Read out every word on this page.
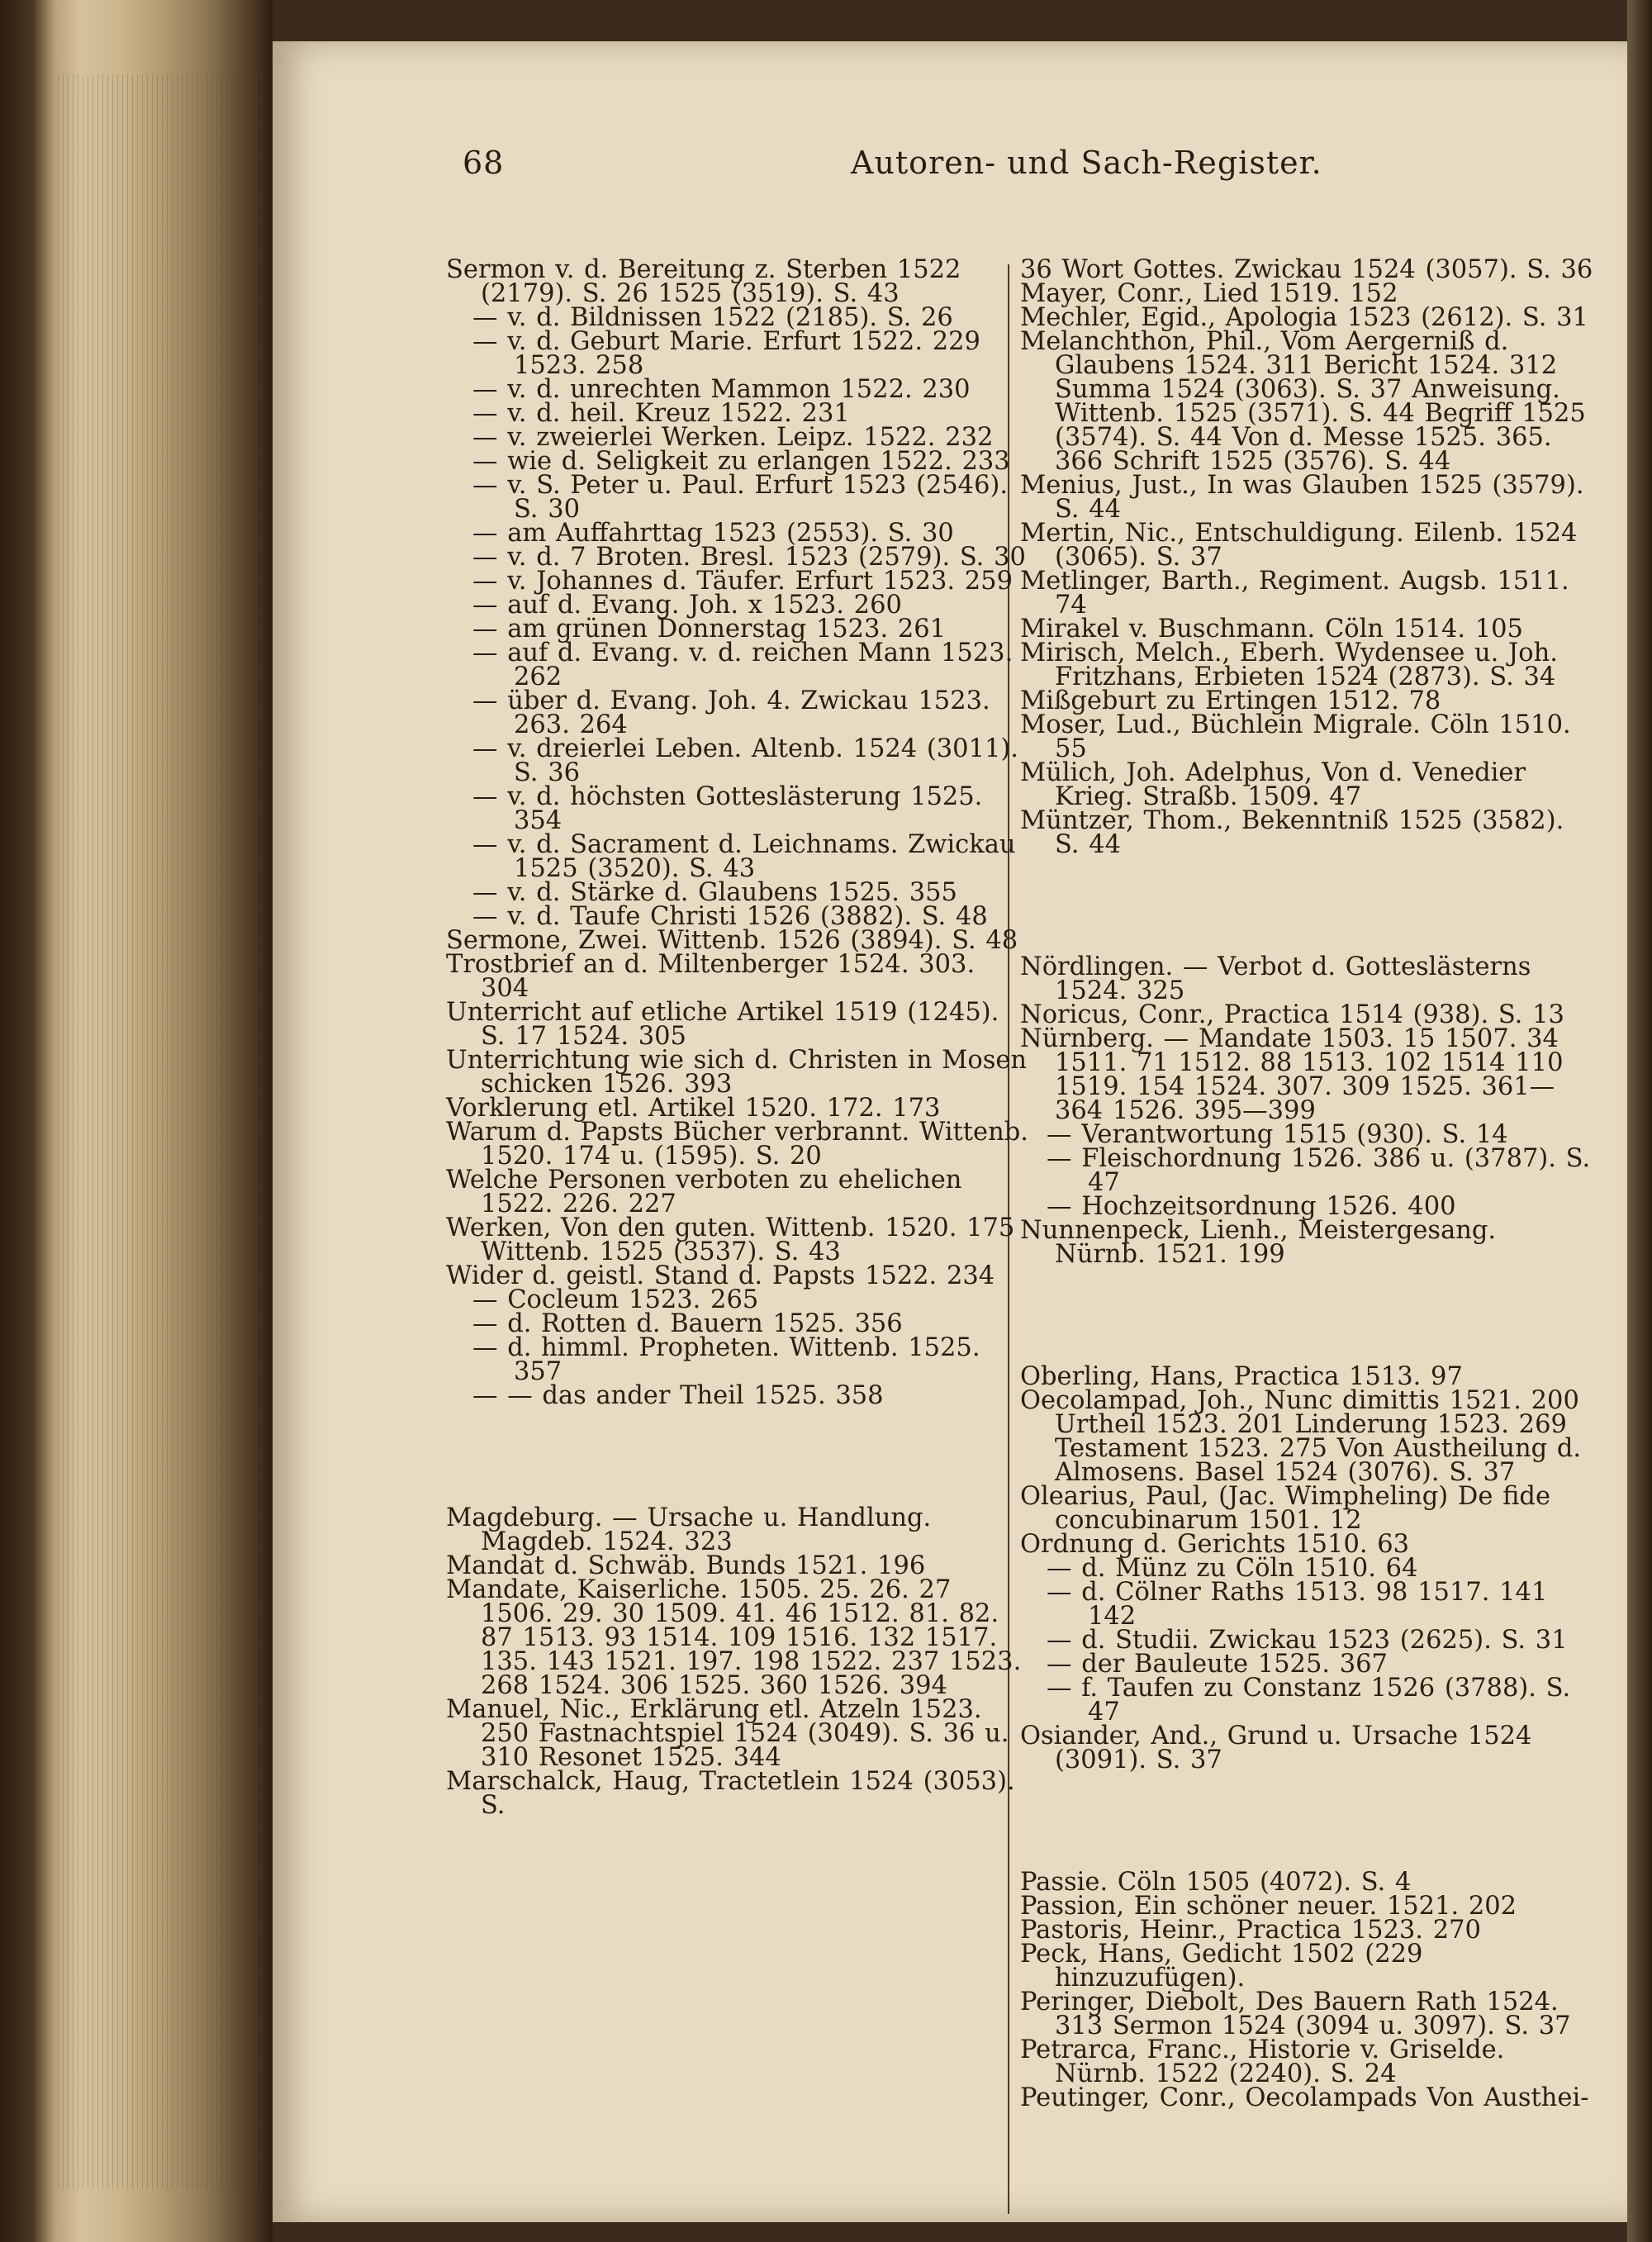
68	Autoren- und Sach-Register.

Sermon v. d. Bereitung z. Sterben 1522 (2179). S. 26 1525 (3519). S. 43

— v. d. Bildnissen 1522 (2185). S. 26

— v. d. Geburt Marie. Erfurt 1522. 229 1523. 258

— v. d. unrechten Mammon 1522. 230

— v. d. heil. Kreuz 1522. 231

— v. zweierlei Werken. Leipz. 1522. 232

— wie d. Seligkeit zu erlangen 1522. 233

— v. S. Peter u. Paul. Erfurt 1523 (2546). S. 30

— am Auffahrttag 1523 (2553). S. 30

— v. d. 7 Broten. Bresl. 1523 (2579). S. 30

— v. Johannes d. Täufer. Erfurt 1523. 259

— auf d. Evang. Joh. x 1523. 260

— am grünen Donnerstag 1523. 261

— auf d. Evang. v. d. reichen Mann 1523. 262

— über d. Evang. Joh. 4. Zwickau 1523. 263. 264

— v. dreierlei Leben. Altenb. 1524 (3011). S. 36

— v. d. höchsten Gotteslästerung 1525. 354

— v. d. Sacrament d. Leichnams. Zwickau 1525 (3520). S. 43

— v. d. Stärke d. Glaubens 1525. 355

— v. d. Taufe Christi 1526 (3882). S. 48

Sermone, Zwei. Wittenb. 1526 (3894). S. 48

Trostbrief an d. Miltenberger 1524. 303. 304

Unterricht auf etliche Artikel 1519 (1245). S. 17 1524. 305

Unterrichtung wie sich d. Christen in Mosen schicken 1526. 393

Vorklerung etl. Artikel 1520. 172. 173

Warum d. Papsts Bücher verbrannt. Wittenb. 1520. 174 u. (1595). S. 20

Welche Personen verboten zu ehelichen 1522. 226. 227

Werken, Von den guten. Wittenb. 1520. 175 Wittenb. 1525 (3537). S. 43

Wider d. geistl. Stand d. Papsts 1522. 234

— Cocleum 1523. 265

— d. Rotten d. Bauern 1525. 356

— d. himml. Propheten. Wittenb. 1525. 357

— — das ander Theil 1525. 358

Magdeburg. — Ursache u. Handlung. Magdeb. 1524. 323

Mandat d. Schwäb. Bunds 1521. 196

Mandate, Kaiserliche. 1505. 25. 26. 27 1506. 29. 30 1509. 41. 46 1512. 81. 82. 87 1513. 93 1514. 109 1516. 132 1517. 135. 143 1521. 197. 198 1522. 237 1523. 268 1524. 306 1525. 360 1526. 394

Manuel, Nic., Erklärung etl. Atzeln 1523. 250 Fastnachtspiel 1524 (3049). S. 36 u. 310 Resonet 1525. 344

Marschalck, Haug, Tractetlein 1524 (3053). S.

36 Wort Gottes. Zwickau 1524 (3057). S. 36

Mayer, Conr., Lied 1519. 152

Mechler, Egid., Apologia 1523 (2612). S. 31

Melanchthon, Phil., Vom Aergerniß d. Glaubens 1524. 311 Bericht 1524. 312 Summa 1524 (3063). S. 37 Anweisung. Wittenb. 1525 (3571). S. 44 Begriff 1525 (3574). S. 44 Von d. Messe 1525. 365. 366 Schrift 1525 (3576). S. 44

Menius, Just., In was Glauben 1525 (3579). S. 44

Mertin, Nic., Entschuldigung. Eilenb. 1524 (3065). S. 37

Metlinger, Barth., Regiment. Augsb. 1511. 74

Mirakel v. Buschmann. Cöln 1514. 105

Mirisch, Melch., Eberh. Wydensee u. Joh. Fritzhans, Erbieten 1524 (2873). S. 34

Mißgeburt zu Ertingen 1512. 78

Moser, Lud., Büchlein Migrale. Cöln 1510. 55

Mülich, Joh. Adelphus, Von d. Venedier Krieg. Straßb. 1509. 47

Müntzer, Thom., Bekenntniß 1525 (3582). S. 44

Nördlingen. — Verbot d. Gotteslästerns 1524. 325

Noricus, Conr., Practica 1514 (938). S. 13

Nürnberg. — Mandate 1503. 15 1507. 34 1511. 71 1512. 88 1513. 102 1514 110 1519. 154 1524. 307. 309 1525. 361—364 1526. 395—399

— Verantwortung 1515 (930). S. 14

— Fleischordnung 1526. 386 u. (3787). S. 47

— Hochzeitsordnung 1526. 400

Nunnenpeck, Lienh., Meistergesang. Nürnb. 1521. 199

Oberling, Hans, Practica 1513. 97

Oecolampad, Joh., Nunc dimittis 1521. 200 Urtheil 1523. 201 Linderung 1523. 269 Testament 1523. 275 Von Austheilung d. Almosens. Basel 1524 (3076). S. 37

Olearius, Paul, (Jac. Wimpheling) De fide concubinarum 1501. 12

Ordnung d. Gerichts 1510. 63

— d. Münz zu Cöln 1510. 64

— d. Cölner Raths 1513. 98 1517. 141 142

— d. Studii. Zwickau 1523 (2625). S. 31

— der Bauleute 1525. 367

— f. Taufen zu Constanz 1526 (3788). S. 47

Osiander, And., Grund u. Ursache 1524 (3091). S. 37

Passie. Cöln 1505 (4072). S. 4

Passion, Ein schöner neuer. 1521. 202

Pastoris, Heinr., Practica 1523. 270

Peck, Hans, Gedicht 1502 (229 hinzuzufügen).

Peringer, Diebolt, Des Bauern Rath 1524. 313 Sermon 1524 (3094 u. 3097). S. 37

Petrarca, Franc., Historie v. Griselde. Nürnb. 1522 (2240). S. 24

Peutinger, Conr., Oecolampads Von Austhei-
